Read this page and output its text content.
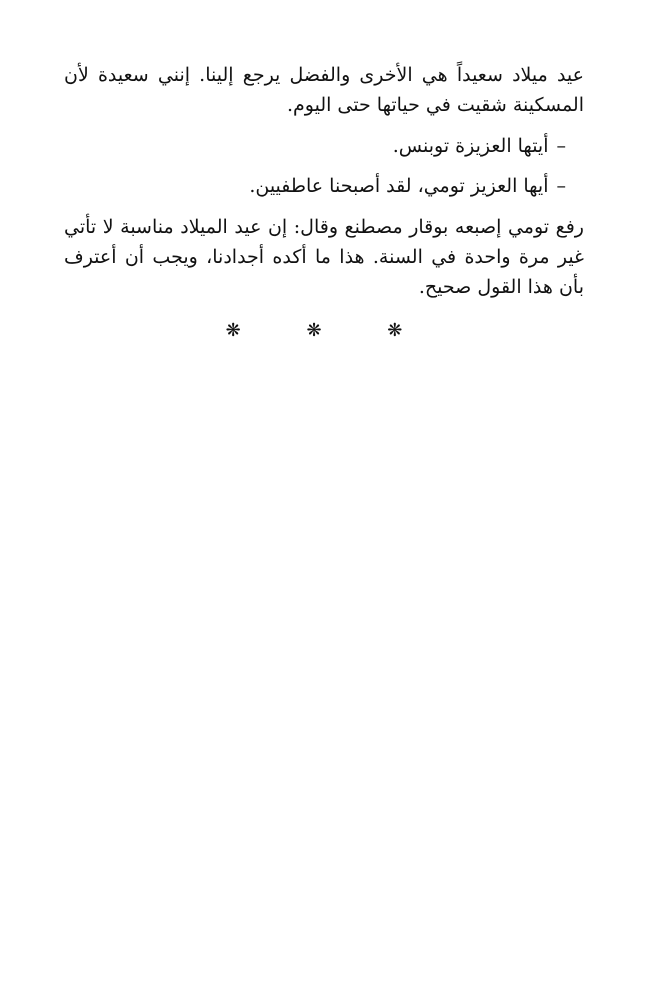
عيد ميلاد سعيداً هي الأخرى والفضل يرجع إلينا. إنني سعيدة لأن المسكينة شقيت في حياتها حتى اليوم.

–أيتها العزيزة توبنس.

–أيها العزيز تومي، لقد أصبحنا عاطفيين.

رفع تومي إصبعه بوقار مصطنع وقال: إن عيد الميلاد مناسبة لا تأتي غير مرة واحدة في السنة. هذا ما أكده أجدادنا، ويجب أن أعترف بأن هذا القول صحيح.

❋	❋	❋
